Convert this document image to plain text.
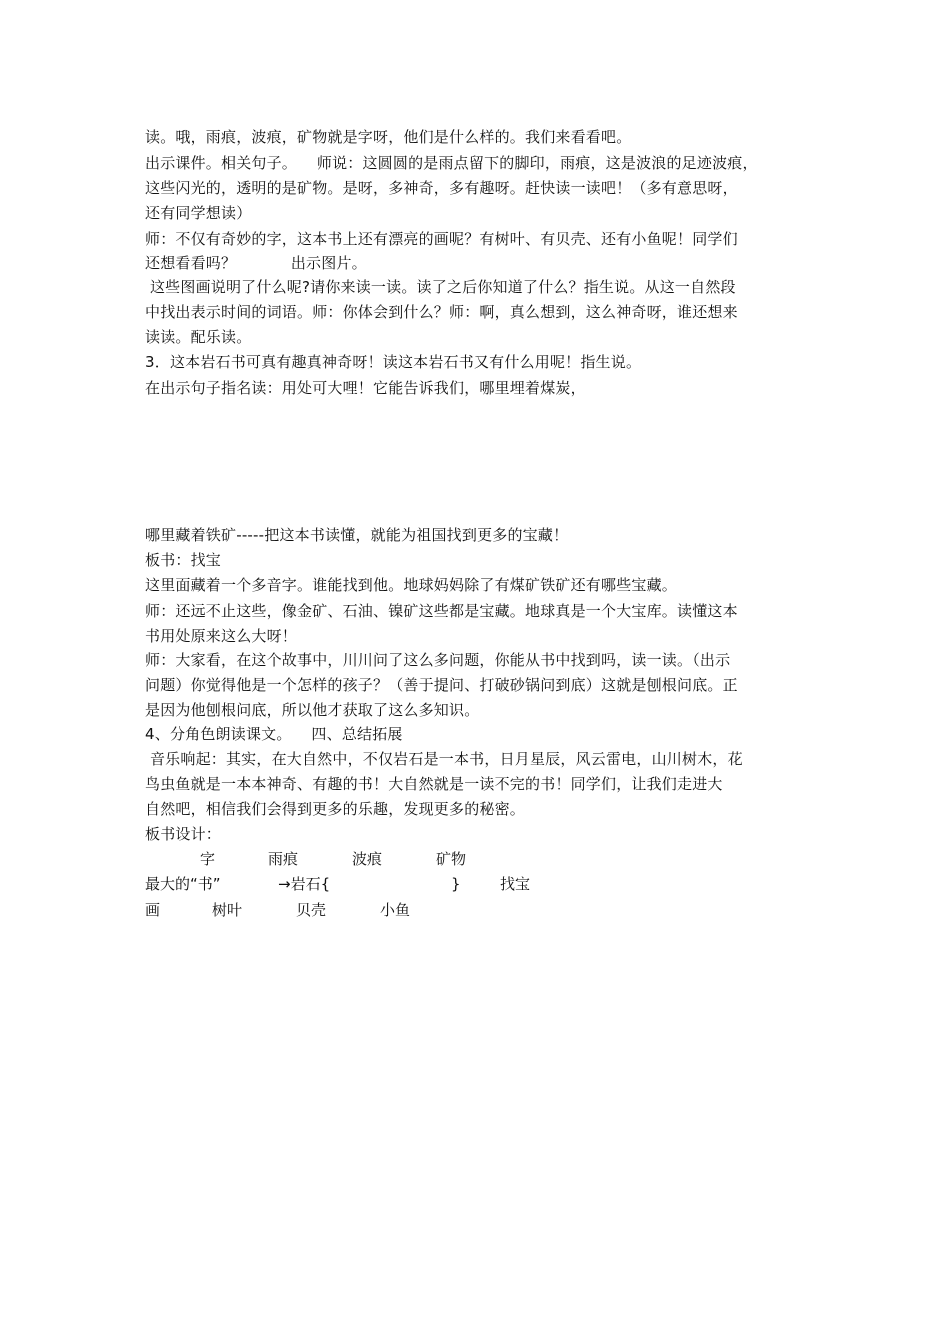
读。哦，雨痕，波痕，矿物就是字呀，他们是什么样的。我们来看看吧。
出示课件。相关句子。    师说：这圆圆的是雨点留下的脚印，雨痕，这是波浪的足迹波痕，
这些闪光的，透明的是矿物。是呀，多神奇，多有趣呀。赶快读一读吧！（多有意思呀，
还有同学想读）
师：不仅有奇妙的字，这本书上还有漂亮的画呢？有树叶、有贝壳、还有小鱼呢！同学们
还想看看吗？           出示图片。
这些图画说明了什么呢?请你来读一读。读了之后你知道了什么？指生说。从这一自然段
中找出表示时间的词语。师：你体会到什么？师：啊，真么想到，这么神奇呀，谁还想来
读读。配乐读。
3．这本岩石书可真有趣真神奇呀！读这本岩石书又有什么用呢！指生说。
在出示句子指名读：用处可大哩！它能告诉我们，哪里埋着煤炭，
哪里藏着铁矿-----把这本书读懂，就能为祖国找到更多的宝藏！
板书：找宝
这里面藏着一个多音字。谁能找到他。地球妈妈除了有煤矿铁矿还有哪些宝藏。
师：还远不止这些，像金矿、石油、镍矿这些都是宝藏。地球真是一个大宝库。读懂这本
书用处原来这么大呀！
师：大家看，在这个故事中，川川问了这么多问题，你能从书中找到吗，读一读。（出示
问题）你觉得他是一个怎样的孩子？（善于提问、打破砂锅问到底）这就是刨根问底。正
是因为他刨根问底，所以他才获取了这么多知识。
4、分角色朗读课文。    四、总结拓展
音乐响起：其实，在大自然中，不仅岩石是一本书，日月星辰，风云雷电，山川树木，花
鸟虫鱼就是一本本神奇、有趣的书！大自然就是一读不完的书！同学们，让我们走进大
自然吧，相信我们会得到更多的乐趣，发现更多的秘密。
板书设计：
字	雨痕	波痕	矿物
最大的“书”	→岩石{	}	找宝
画	树叶	贝壳	小鱼
